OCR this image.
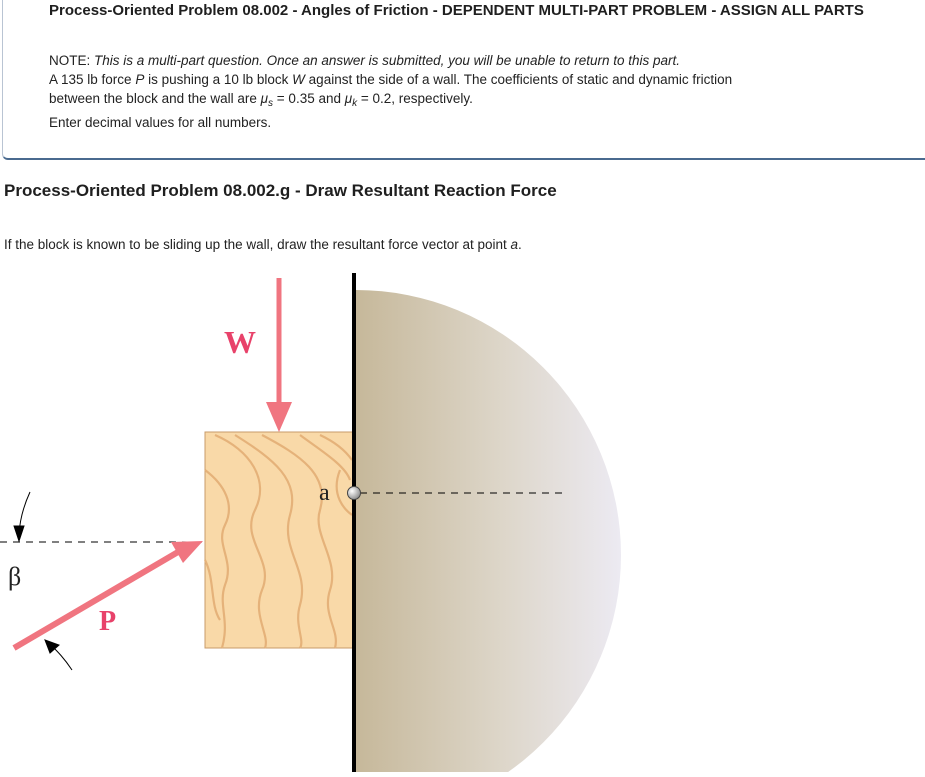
Process-Oriented Problem 08.002 - Angles of Friction - DEPENDENT MULTI-PART PROBLEM - ASSIGN ALL PARTS

NOTE: This is a multi-part question. Once an answer is submitted, you will be unable to return to this part.

A 135 lb force P is pushing a 10 lb block W against the side of a wall. The coefficients of static and dynamic friction

between the block and the wall are $\mu_s = 0.35$ and $\mu_k = 0.2$, respectively.

Enter decimal values for all numbers.

Process-Oriented Problem 08.002.g - Draw Resultant Reaction Force
If the block is known to be sliding up the wall, draw the resultant force vector at point a.
W
P
a
β
